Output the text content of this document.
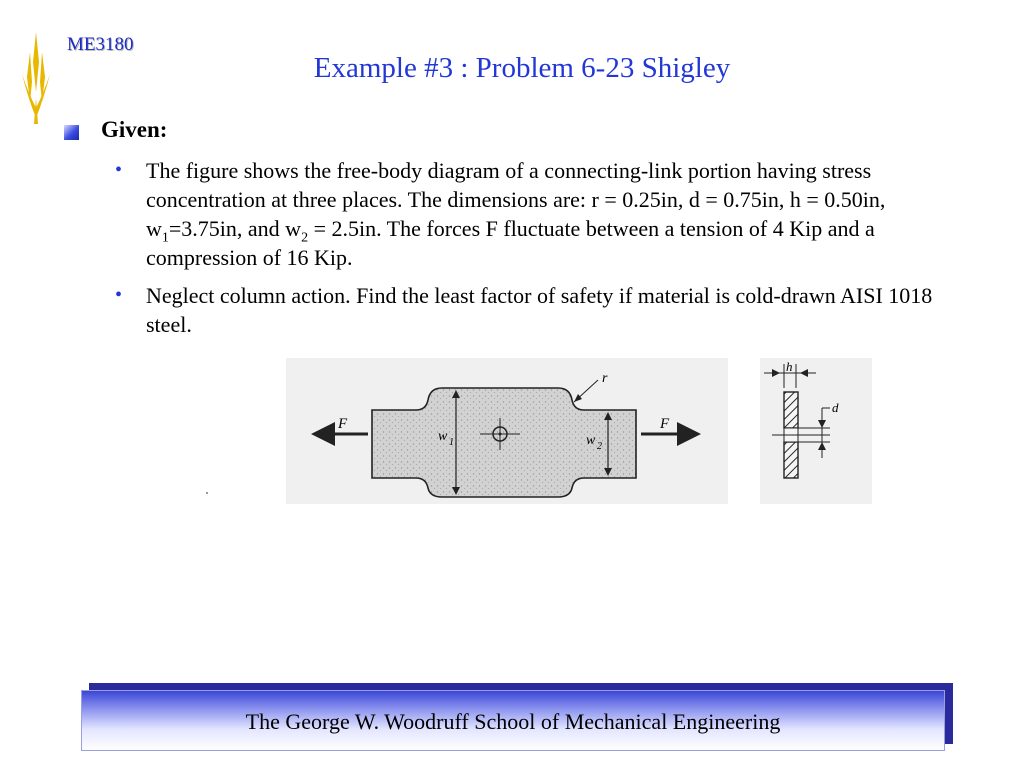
ME3180
Example #3 : Problem 6-23 Shigley
Given:
• The figure shows the free-body diagram of a connecting-link portion having stress concentration at three places. The dimensions are: r = 0.25in, d = 0.75in, h = 0.50in, $w_1=3.75in$, and $w_2 = 2.5in$. The forces F fluctuate between a tension of 4 Kip and a compression of 16 Kip.
• Neglect column action. Find the least factor of safety if material is cold-drawn AISI 1018 steel.
F	F
w 1	w 2
r
h
d
The George W. Woodruff School of Mechanical Engineering
